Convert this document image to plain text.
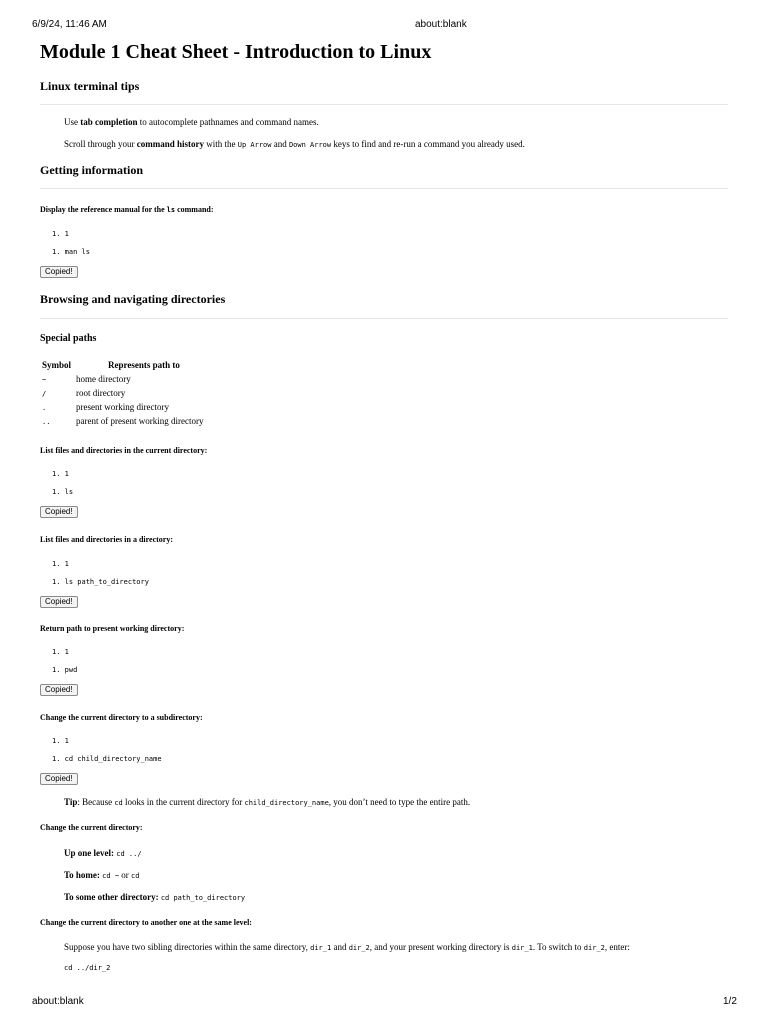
6/9/24, 11:46 AM	about:blank
Module 1 Cheat Sheet - Introduction to Linux
Linux terminal tips
Use tab completion to autocomplete pathnames and command names.
Scroll through your command history with the Up Arrow and Down Arrow keys to find and re-run a command you already used.
Getting information
Display the reference manual for the ls command:
1. 1
1. man ls
Copied!
Browsing and navigating directories
Special paths
Symbol	Represents path to
~	home directory
/	root directory
.	present working directory
..	parent of present working directory
List files and directories in the current directory:
1. 1
1. ls
Copied!
List files and directories in a directory:
1. 1
1. ls path_to_directory
Copied!
Return path to present working directory:
1. 1
1. pwd
Copied!
Change the current directory to a subdirectory:
1. 1
1. cd child_directory_name
Copied!
Tip: Because cd looks in the current directory for child_directory_name, you don’t need to type the entire path.
Change the current directory:
Up one level: cd ../
To home: cd ~ or cd
To some other directory: cd path_to_directory
Change the current directory to another one at the same level:
Suppose you have two sibling directories within the same directory, dir_1 and dir_2, and your present working directory is dir_1. To switch to dir_2, enter:
cd ../dir_2
about:blank	1/2
